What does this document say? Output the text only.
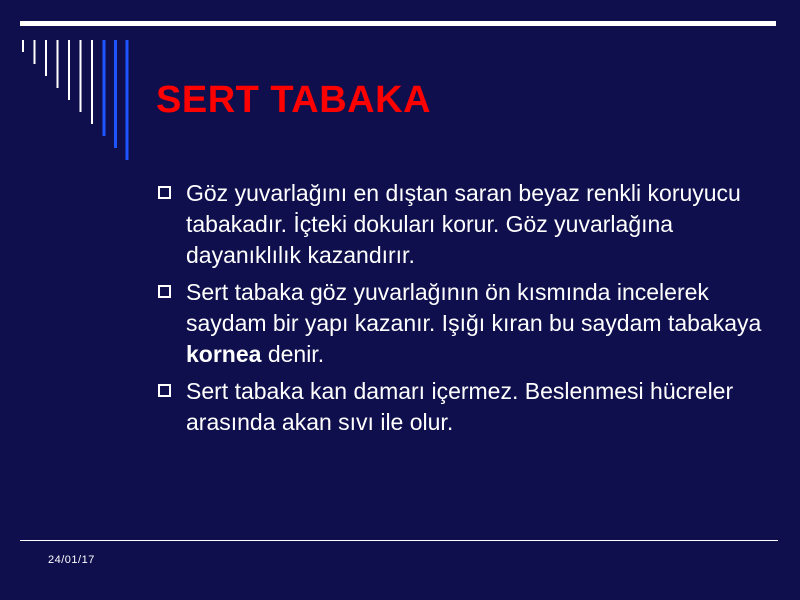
SERT TABAKA
Göz yuvarlağını en dıştan saran beyaz renkli koruyucu tabakadır. İçteki dokuları korur. Göz yuvarlağına dayanıklılık kazandırır.
Sert tabaka göz yuvarlağının ön kısmında incelerek saydam bir yapı kazanır. Işığı kıran bu saydam tabakaya kornea denir.
Sert tabaka kan damarı içermez. Beslenmesi hücreler arasında akan sıvı ile olur.
24/01/17
